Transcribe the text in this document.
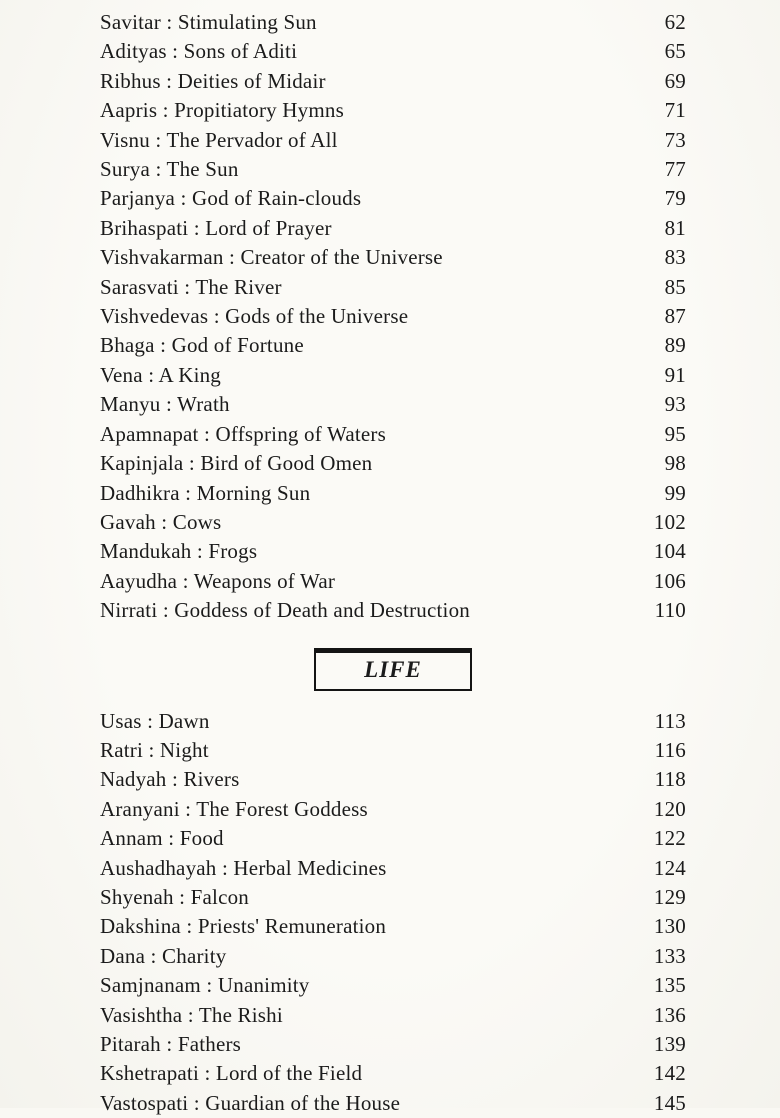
Savitar : Stimulating Sun	62
Adityas : Sons of Aditi	65
Ribhus : Deities of Midair	69
Aapris : Propitiatory Hymns	71
Visnu : The Pervador of All	73
Surya : The Sun	77
Parjanya : God of Rain-clouds	79
Brihaspati : Lord of Prayer	81
Vishvakarman : Creator of the Universe	83
Sarasvati : The River	85
Vishvedevas : Gods of the Universe	87
Bhaga : God of Fortune	89
Vena : A King	91
Manyu : Wrath	93
Apamnapat : Offspring of Waters	95
Kapinjala : Bird of Good Omen	98
Dadhikra : Morning Sun	99
Gavah : Cows	102
Mandukah : Frogs	104
Aayudha : Weapons of War	106
Nirrati : Goddess of Death and Destruction	110
LIFE
Usas : Dawn	113
Ratri : Night	116
Nadyah : Rivers	118
Aranyani : The Forest Goddess	120
Annam : Food	122
Aushadhayah : Herbal Medicines	124
Shyenah : Falcon	129
Dakshina : Priests' Remuneration	130
Dana : Charity	133
Samjnanam : Unanimity	135
Vasishtha : The Rishi	136
Pitarah : Fathers	139
Kshetrapati : Lord of the Field	142
Vastospati : Guardian of the House	145
